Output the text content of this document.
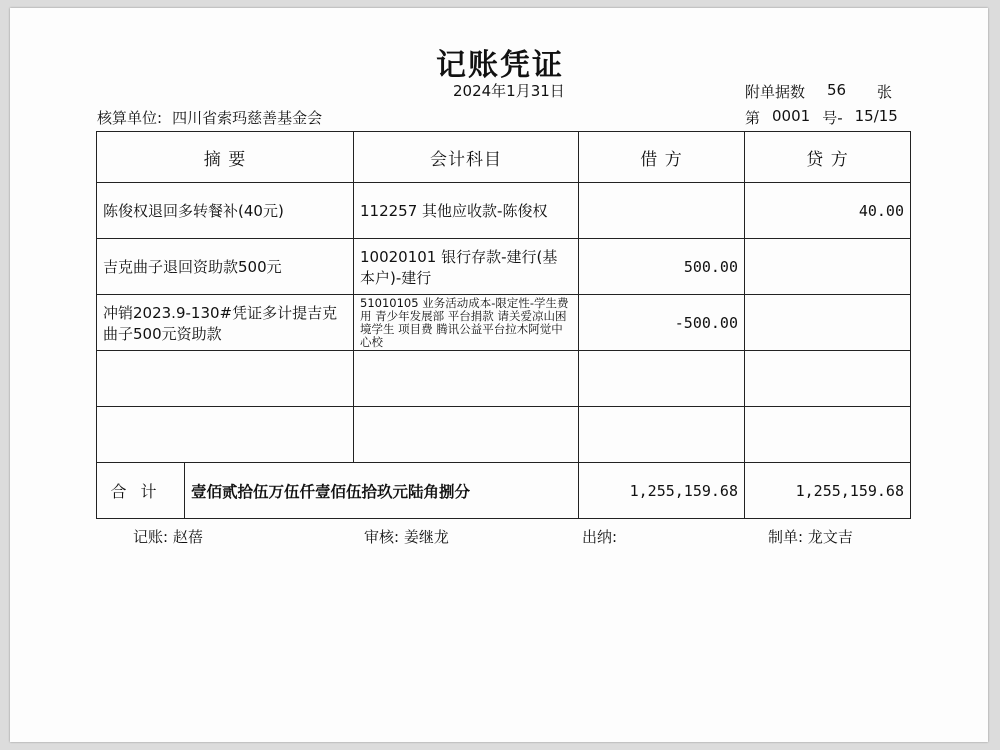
记账凭证
2024年1月31日	附单据数	56	张
核算单位: 四川省索玛慈善基金会	第 0001 号- 15/15
摘 要		会计科目	借 方	贷 方
陈俊权退回多转餐补(40元)		112257 其他应收款-陈俊权		40.00
吉克曲子退回资助款500元		10020101 银行存款-建行(基本户)-建行	500.00	
冲销2023.9-130#凭证多计提吉克曲子500元资助款		51010105 业务活动成本-限定性-学生费用 青少年发展部 平台捐款 请关爱凉山困境学生 项目费 腾讯公益平台拉木阿觉中心校	-500.00	

合计	壹佰贰拾伍万伍仟壹佰伍拾玖元陆角捌分		1,255,159.68	1,255,159.68
记账: 赵蓓	审核: 姜继龙	出纳:	制单: 龙文吉
